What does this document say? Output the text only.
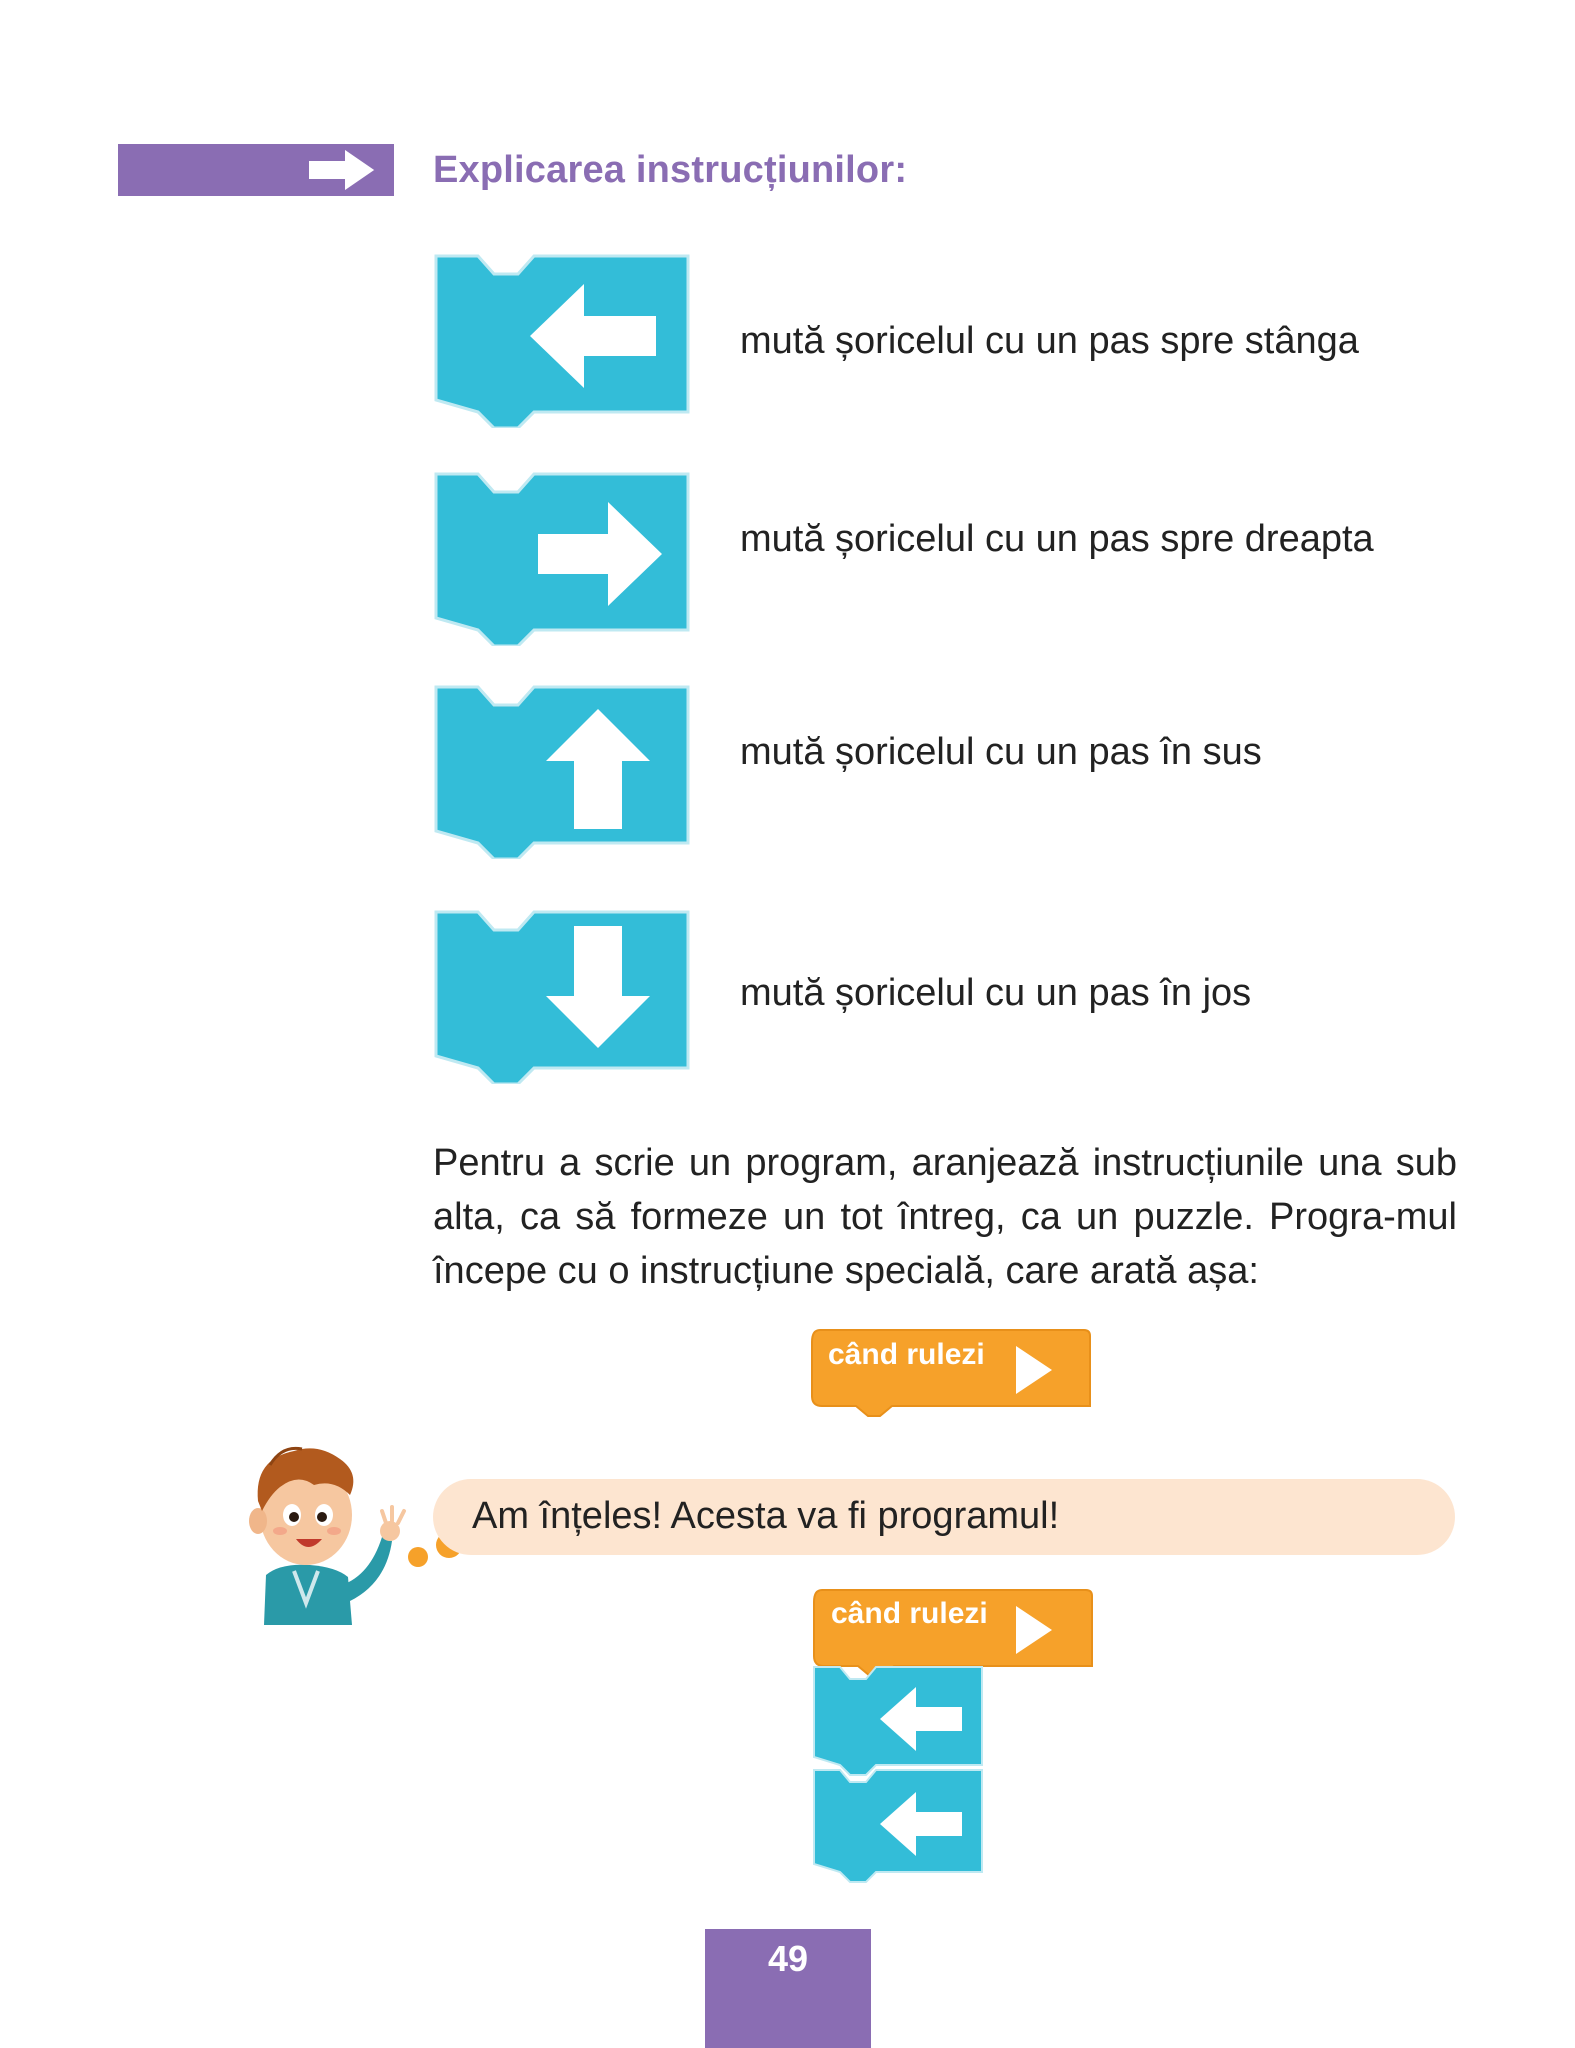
Explicarea instrucțiunilor:
mută șoricelul cu un pas spre stânga
mută șoricelul cu un pas spre dreapta
mută șoricelul cu un pas în sus
mută șoricelul cu un pas în jos

Pentru a scrie un program, aranjează instrucțiunile una sub alta, ca să formeze un tot întreg, ca un puzzle. Progra-mul începe cu o instrucțiune specială, care arată așa:

când rulezi
Am înțeles! Acesta va fi programul!
când rulezi
49
